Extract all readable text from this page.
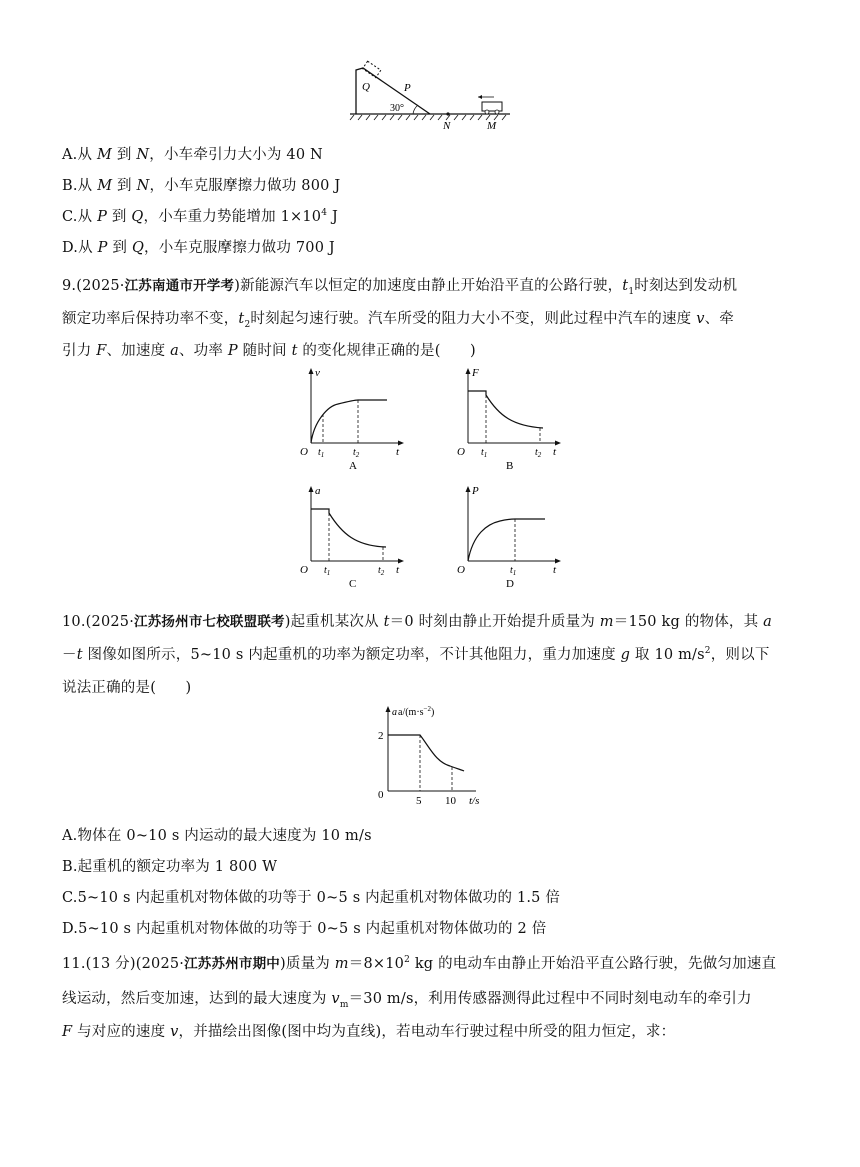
Q	P
30°
N	M
A.从 M 到 N，小车牵引力大小为 40 N
B.从 M 到 N，小车克服摩擦力做功 800 J
C.从 P 到 Q，小车重力势能增加 $1\times 10^4$ J
D.从 P 到 Q，小车克服摩擦力做功 700 J
9.(2025·江苏南通市开学考)新能源汽车以恒定的加速度由静止开始沿平直的公路行驶，$t_1$时刻达到发动机
额定功率后保持功率不变，$t_2$时刻起匀速行驶。汽车所受的阻力大小不变，则此过程中汽车的速度 v、牵
引力 F、加速度 a、功率 P 随时间 t 的变化规律正确的是(　　)
v
O $t_1$	$t_2$	t
A
F
O $t_1$	$t_2$ t
B
a
O $t_1$	$t_2$ t
C
P
O	$t_1$	t
D
10.(2025·江苏扬州市七校联盟联考)起重机某次从 t＝0 时刻由静止开始提升质量为 m＝150 kg 的物体，其 a
－t 图像如图所示，5~10 s 内起重机的功率为额定功率，不计其他阻力，重力加速度 g 取 10 $m/s^2$，则以下
说法正确的是(　　)
$aa/(m\cdot s^{-2})$
2
0	5 10 t/s
A.物体在 0~10 s 内运动的最大速度为 10 m/s
B.起重机的额定功率为 1 800 W
C.5~10 s 内起重机对物体做的功等于 0~5 s 内起重机对物体做功的 1.5 倍
D.5~10 s 内起重机对物体做的功等于 0~5 s 内起重机对物体做功的 2 倍
11.(13 分)(2025·江苏苏州市期中)质量为 $m=8\times 10^2$ kg 的电动车由静止开始沿平直公路行驶，先做匀加速直
线运动，然后变加速，达到的最大速度为 $v_m=30$ m/s，利用传感器测得此过程中不同时刻电动车的牵引力
F 与对应的速度 v，并描绘出图像(图中均为直线)，若电动车行驶过程中所受的阻力恒定，求：
